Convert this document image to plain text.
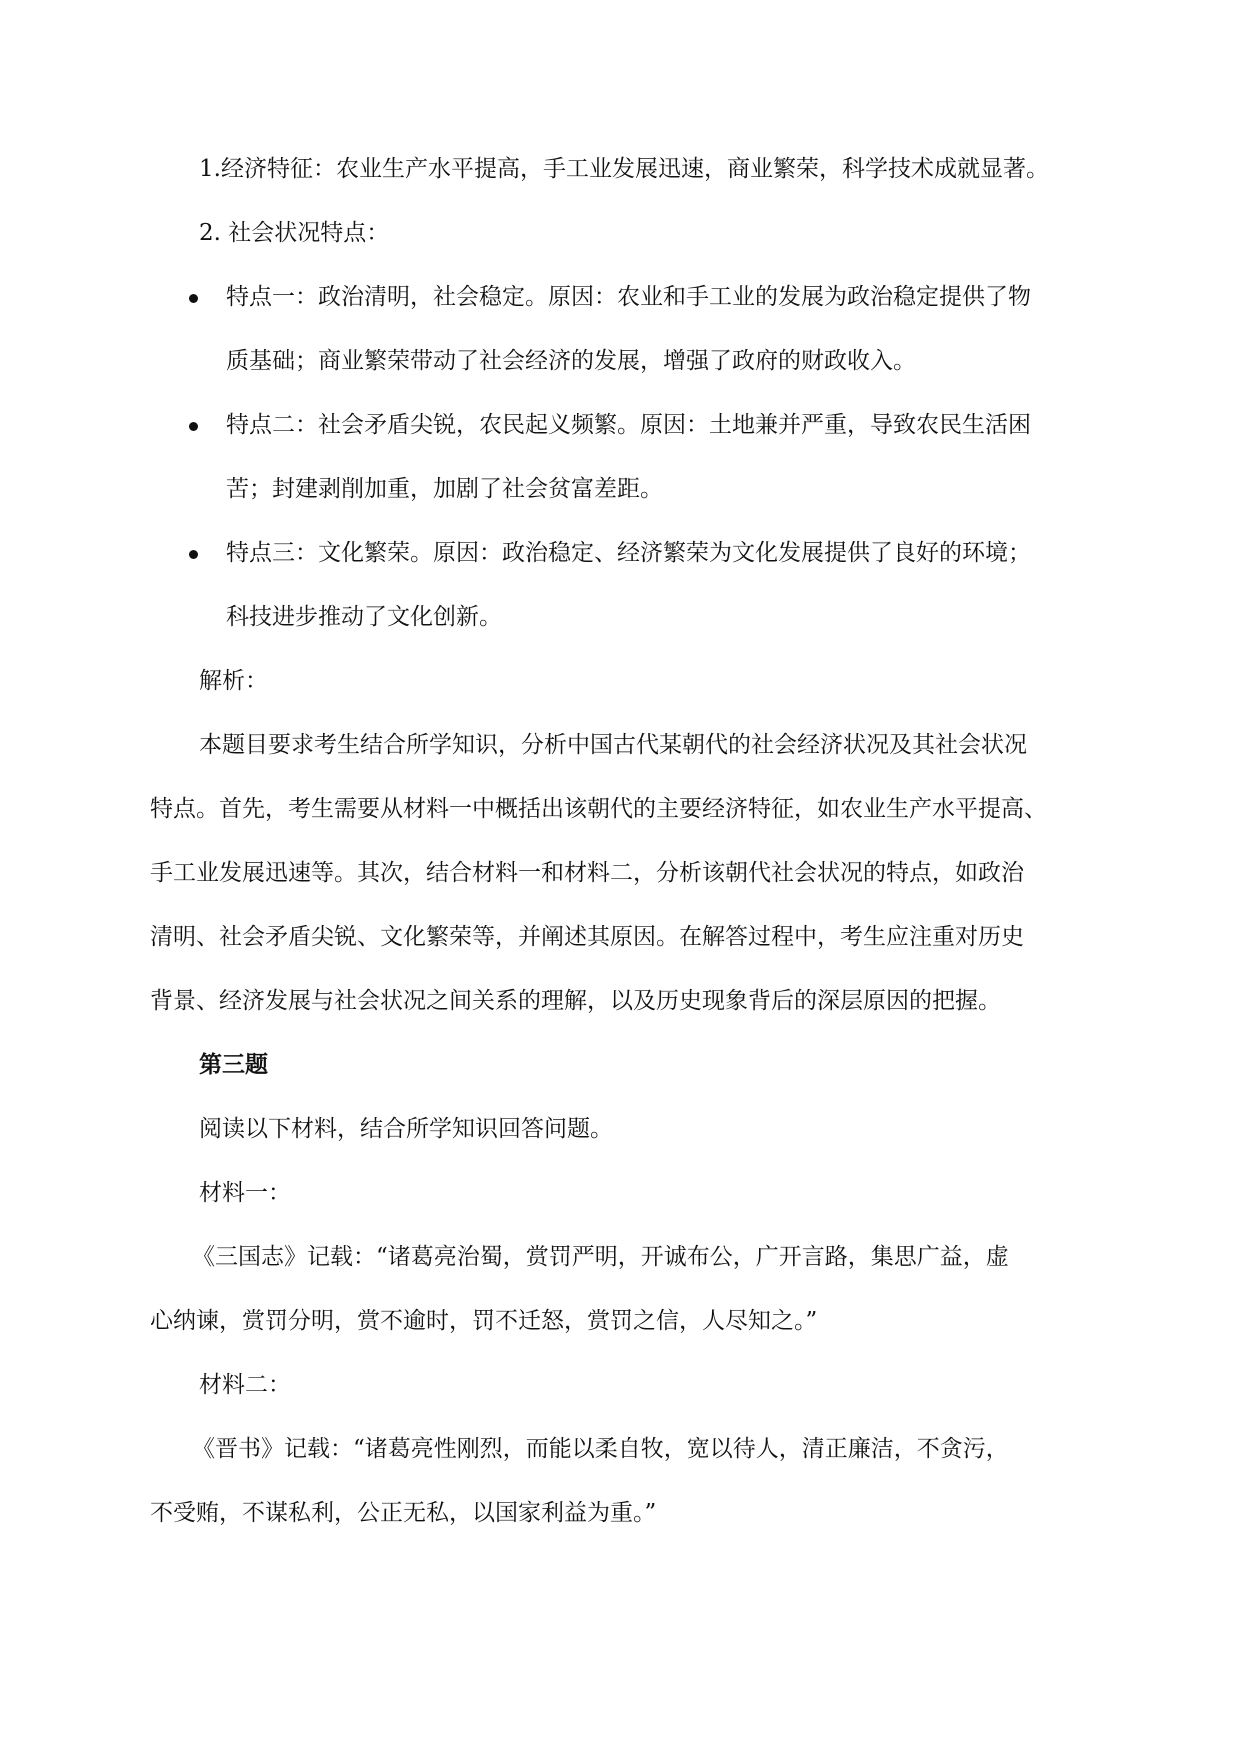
1.经济特征：农业生产水平提高，手工业发展迅速，商业繁荣，科学技术成就显著。
2. 社会状况特点：
特点一：政治清明，社会稳定。原因：农业和手工业的发展为政治稳定提供了物
质基础；商业繁荣带动了社会经济的发展，增强了政府的财政收入。
特点二：社会矛盾尖锐，农民起义频繁。原因：土地兼并严重，导致农民生活困
苦；封建剥削加重，加剧了社会贫富差距。
特点三：文化繁荣。原因：政治稳定、经济繁荣为文化发展提供了良好的环境；
科技进步推动了文化创新。
解析：
本题目要求考生结合所学知识，分析中国古代某朝代的社会经济状况及其社会状况
特点。首先，考生需要从材料一中概括出该朝代的主要经济特征，如农业生产水平提高、
手工业发展迅速等。其次，结合材料一和材料二，分析该朝代社会状况的特点，如政治
清明、社会矛盾尖锐、文化繁荣等，并阐述其原因。在解答过程中，考生应注重对历史
背景、经济发展与社会状况之间关系的理解，以及历史现象背后的深层原因的把握。
第三题
阅读以下材料，结合所学知识回答问题。
材料一：
《三国志》记载：“诸葛亮治蜀，赏罚严明，开诚布公，广开言路，集思广益，虚
心纳谏，赏罚分明，赏不逾时，罚不迁怒，赏罚之信，人尽知之。”
材料二：
《晋书》记载：“诸葛亮性刚烈，而能以柔自牧，宽以待人，清正廉洁，不贪污，
不受贿，不谋私利，公正无私，以国家利益为重。”
